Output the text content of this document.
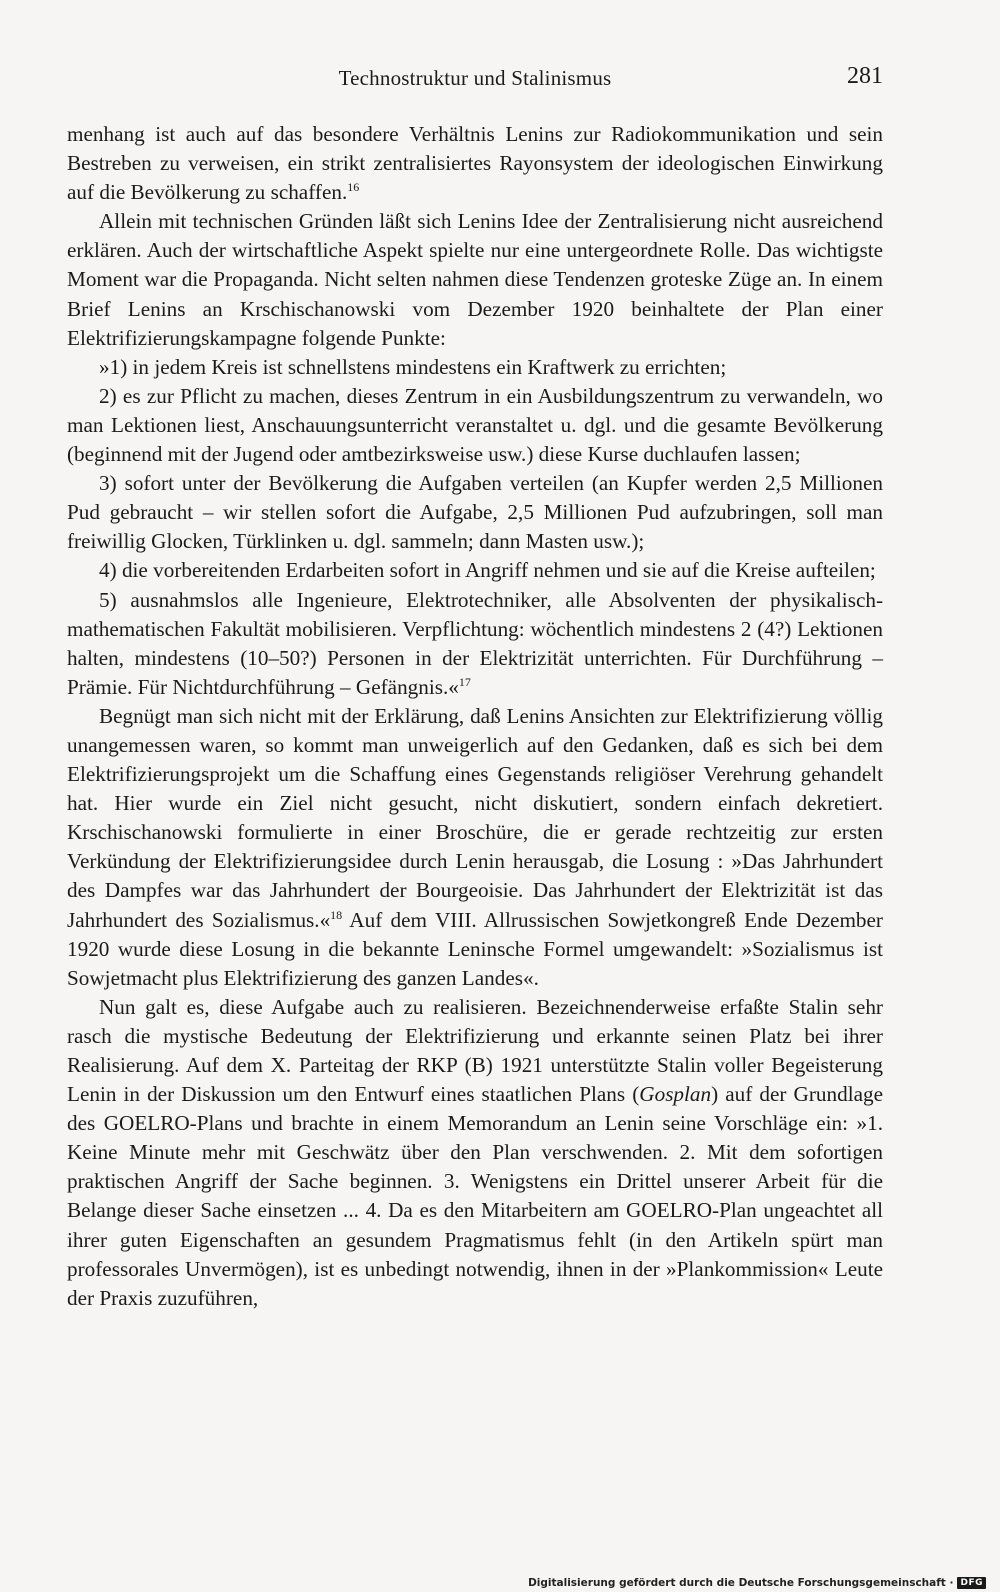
Technostruktur und Stalinismus	281

menhang ist auch auf das besondere Verhältnis Lenins zur Radiokommunikation und sein Bestreben zu verweisen, ein strikt zentralisiertes Rayonsystem der ideologischen Einwirkung auf die Bevölkerung zu schaffen.$^{16}$

Allein mit technischen Gründen läßt sich Lenins Idee der Zentralisierung nicht ausreichend erklären. Auch der wirtschaftliche Aspekt spielte nur eine untergeordnete Rolle. Das wichtigste Moment war die Propaganda. Nicht selten nahmen diese Tendenzen groteske Züge an. In einem Brief Lenins an Krschischanowski vom Dezember 1920 beinhaltete der Plan einer Elektrifizierungskampagne folgende Punkte:

»1) in jedem Kreis ist schnellstens mindestens ein Kraftwerk zu errichten;

2) es zur Pflicht zu machen, dieses Zentrum in ein Ausbildungszentrum zu verwandeln, wo man Lektionen liest, Anschauungsunterricht veranstaltet u. dgl. und die gesamte Bevölkerung (beginnend mit der Jugend oder amtbezirksweise usw.) diese Kurse duchlaufen lassen;

3) sofort unter der Bevölkerung die Aufgaben verteilen (an Kupfer werden 2,5 Millionen Pud gebraucht – wir stellen sofort die Aufgabe, 2,5 Millionen Pud aufzubringen, soll man freiwillig Glocken, Türklinken u. dgl. sammeln; dann Masten usw.);

4) die vorbereitenden Erdarbeiten sofort in Angriff nehmen und sie auf die Kreise aufteilen;

5) ausnahmslos alle Ingenieure, Elektrotechniker, alle Absolventen der physikalisch-mathematischen Fakultät mobilisieren. Verpflichtung: wöchentlich mindestens 2 (4?) Lektionen halten, mindestens (10–50?) Personen in der Elektrizität unterrichten. Für Durchführung – Prämie. Für Nichtdurchführung – Gefängnis.«$^{17}$

Begnügt man sich nicht mit der Erklärung, daß Lenins Ansichten zur Elektrifizierung völlig unangemessen waren, so kommt man unweigerlich auf den Gedanken, daß es sich bei dem Elektrifizierungsprojekt um die Schaffung eines Gegenstands religiöser Verehrung gehandelt hat. Hier wurde ein Ziel nicht gesucht, nicht diskutiert, sondern einfach dekretiert. Krschischanowski formulierte in einer Broschüre, die er gerade rechtzeitig zur ersten Verkündung der Elektrifizierungsidee durch Lenin herausgab, die Losung : »Das Jahrhundert des Dampfes war das Jahrhundert der Bourgeoisie. Das Jahrhundert der Elektrizität ist das Jahrhundert des Sozialismus.«$^{18}$ Auf dem VIII. Allrussischen Sowjetkongreß Ende Dezember 1920 wurde diese Losung in die bekannte Leninsche Formel umgewandelt: »Sozialismus ist Sowjetmacht plus Elektrifizierung des ganzen Landes«.

Nun galt es, diese Aufgabe auch zu realisieren. Bezeichnenderweise erfaßte Stalin sehr rasch die mystische Bedeutung der Elektrifizierung und erkannte seinen Platz bei ihrer Realisierung. Auf dem X. Parteitag der RKP (B) 1921 unterstützte Stalin voller Begeisterung Lenin in der Diskussion um den Entwurf eines staatlichen Plans (Gosplan) auf der Grundlage des GOELRO-Plans und brachte in einem Memorandum an Lenin seine Vorschläge ein: »1. Keine Minute mehr mit Geschwätz über den Plan verschwenden. 2. Mit dem sofortigen praktischen Angriff der Sache beginnen. 3. Wenigstens ein Drittel unserer Arbeit für die Belange dieser Sache einsetzen ... 4. Da es den Mitarbeitern am GOELRO-Plan ungeachtet all ihrer guten Eigenschaften an gesundem Pragmatismus fehlt (in den Artikeln spürt man professorales Unvermögen), ist es unbedingt notwendig, ihnen in der »Plankommission« Leute der Praxis zuzuführen,

Digitalisierung gefördert durch die Deutsche Forschungsgemeinschaft · DFG
